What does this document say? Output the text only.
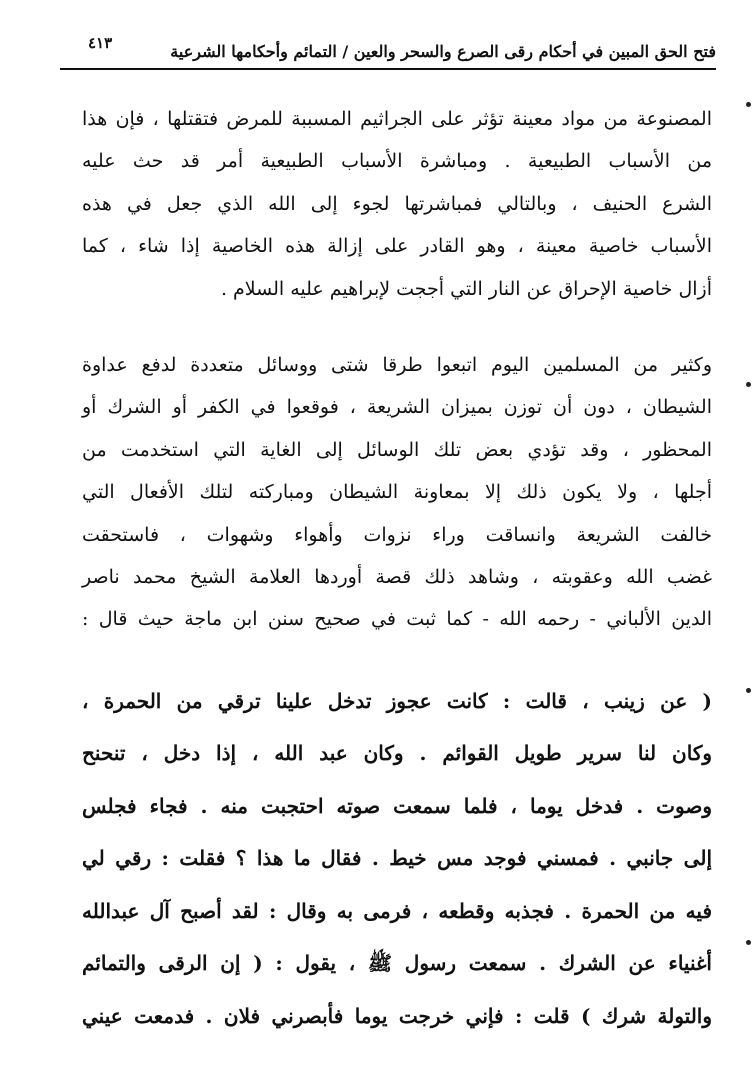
٤١٣	فتح الحق المبين في أحكام رقى الصرع والسحر والعين / التمائم وأحكامها الشرعية

المصنوعة من مواد معينة تؤثر على الجراثيم المسببة للمرض فتقتلها ، فإن هذا
من الأسباب الطبيعية . ومباشرة الأسباب الطبيعية أمر قد حث عليه
الشرع الحنيف ، وبالتالي فمباشرتها لجوء إلى الله الذي جعل في هذه
الأسباب خاصية معينة ، وهو القادر على إزالة هذه الخاصية إذا شاء ، كما
أزال خاصية الإحراق عن النار التي أججت لإبراهيم عليه السلام .

وكثير من المسلمين اليوم اتبعوا طرقا شتى ووسائل متعددة لدفع عداوة
الشيطان ، دون أن توزن بميزان الشريعة ، فوقعوا في الكفر أو الشرك أو
المحظور ، وقد تؤدي بعض تلك الوسائل إلى الغاية التي استخدمت من
أجلها ، ولا يكون ذلك إلا بمعاونة الشيطان ومباركته لتلك الأفعال التي
خالفت الشريعة وانساقت وراء نزوات وأهواء وشهوات ، فاستحقت
غضب الله وعقوبته ، وشاهد ذلك قصة أوردها العلامة الشيخ محمد ناصر
الدين الألباني - رحمه الله - كما ثبت في صحيح سنن ابن ماجة حيث قال :

( عن زينب ، قالت : كانت عجوز تدخل علينا ترقي من الحمرة ،
وكان لنا سرير طويل القوائم . وكان عبد الله ، إذا دخل ، تنحنح
وصوت . فدخل يوما ، فلما سمعت صوته احتجبت منه . فجاء فجلس
إلى جانبي . فمسني فوجد مس خيط . فقال ما هذا ؟ فقلت : رقي لي
فيه من الحمرة . فجذبه وقطعه ، فرمى به وقال : لقد أصبح آل عبدالله
أغنياء عن الشرك . سمعت رسول ﷺ ، يقول : ( إن الرقى والتمائم
والتولة شرك ) قلت : فإني خرجت يوما فأبصرني فلان . فدمعت عيني
